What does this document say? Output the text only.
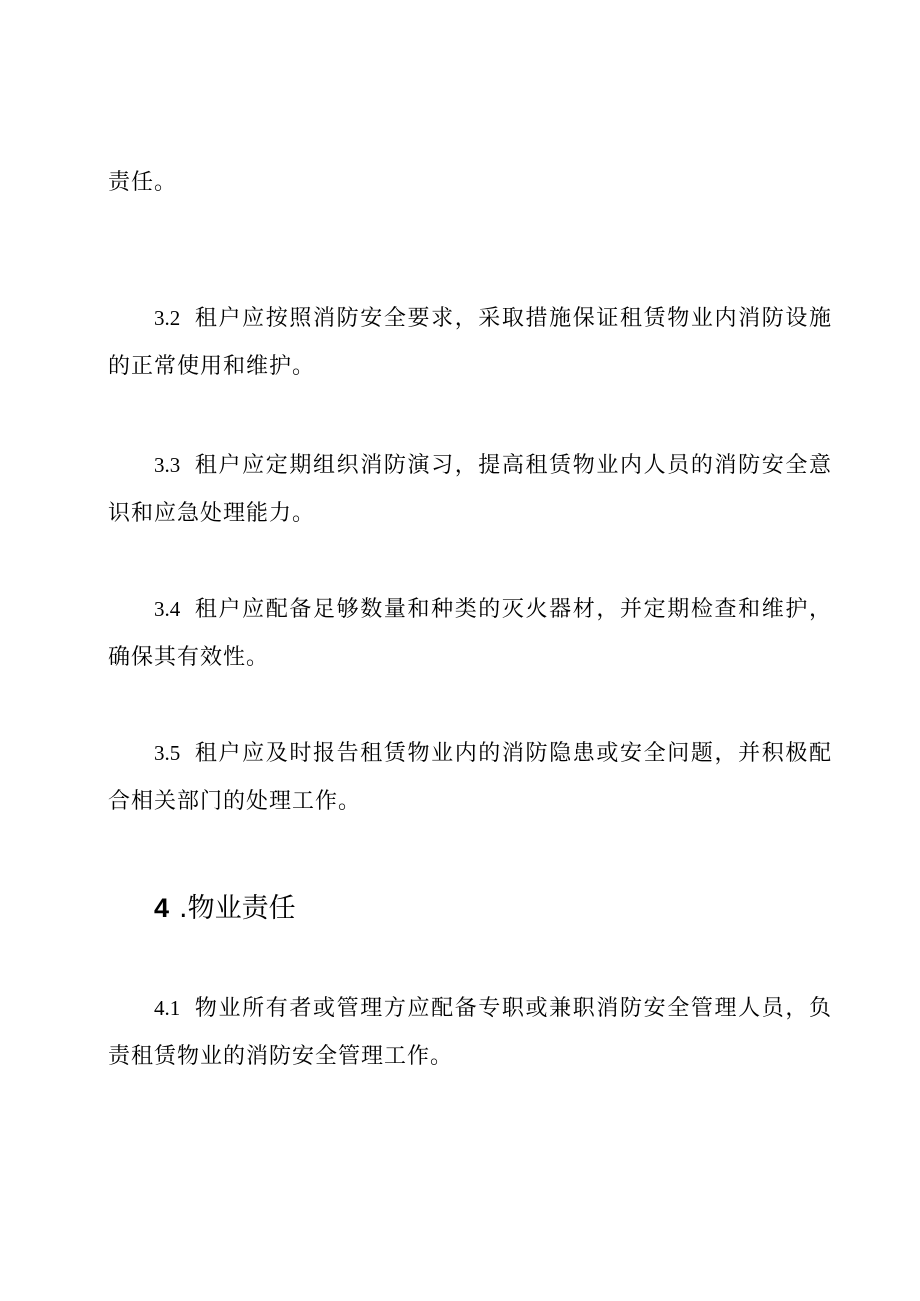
责任。
3.2 租户应按照消防安全要求，采取措施保证租赁物业内消防设施
的正常使用和维护。
3.3 租户应定期组织消防演习，提高租赁物业内人员的消防安全意
识和应急处理能力。
3.4 租户应配备足够数量和种类的灭火器材，并定期检查和维护，
确保其有效性。
3.5 租户应及时报告租赁物业内的消防隐患或安全问题，并积极配
合相关部门的处理工作。
4 .物业责任
4.1 物业所有者或管理方应配备专职或兼职消防安全管理人员，负
责租赁物业的消防安全管理工作。
